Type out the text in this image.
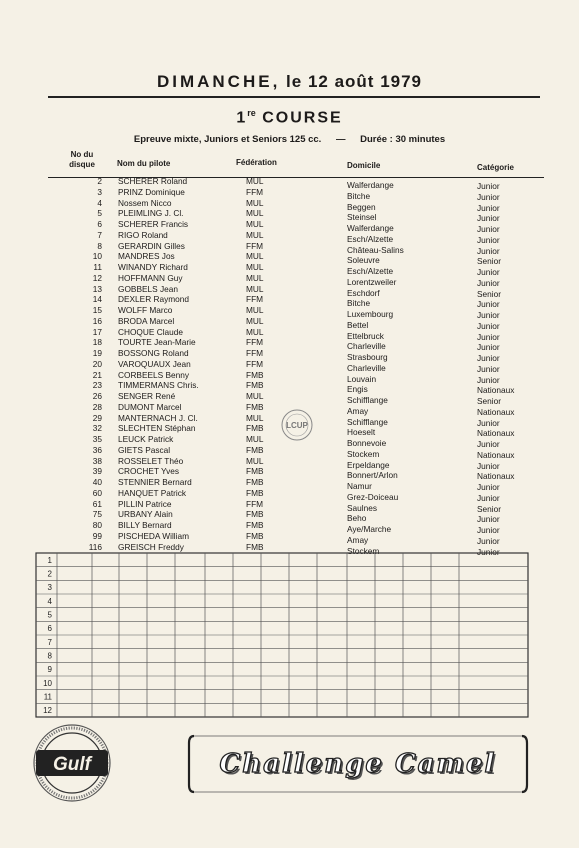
DIMANCHE, le 12 août 1979
1re COURSE
Epreuve mixte, Juniors et Seniors 125 cc. — Durée : 30 minutes
No du
disque	Nom du pilote	Fédération	Domicile	Catégorie
2 SCHERER Roland	MUL	Walferdange	Junior
3 PRINZ Dominique	FFM	Bitche	Junior
4 Nossem Nicco	MUL	Beggen	Junior
5 PLEIMLING J. Cl.	MUL	Steinsel	Junior
6 SCHERER Francis	MUL	Walferdange	Junior
7 RIGO Roland	MUL	Esch/Alzette	Junior
8 GERARDIN Gilles	FFM	Château-Salins	Junior
10 MANDRES Jos	MUL	Soleuvre	Senior
11 WINANDY Richard	MUL	Esch/Alzette	Junior
12 HOFFMANN Guy	MUL	Lorentzweiler	Junior
13 GOBBELS Jean	MUL	Eschdorf	Senior
14 DEXLER Raymond	FFM	Bitche	Junior
15 WOLFF Marco	MUL	Luxembourg	Junior
16 BRODA Marcel	MUL	Bettel	Junior
17 CHOQUE Claude	MUL	Ettelbruck	Junior
18 TOURTE Jean-Marie	FFM	Charleville	Junior
19 BOSSONG Roland	FFM	Strasbourg	Junior
20 VAROQUAUX Jean	FFM	Charleville	Junior
21 CORBEELS Benny	FMB	Louvain	Junior
23 TIMMERMANS Chris.	FMB	Engis	Nationaux
26 SENGER René	MUL	Schifflange	Senior
28 DUMONT Marcel	FMB	Amay	Nationaux
29 MANTERNACH J. Cl.	MUL	Schifflange	Junior
32 SLECHTEN Stéphan	FMB	Hoeselt	Nationaux
35 LEUCK Patrick	MUL	Bonnevoie	Junior
36 GIETS Pascal	FMB	Stockem	Nationaux
38 ROSSELET Théo	MUL	Erpeldange	Junior
39 CROCHET Yves	FMB	Bonnert/Arlon	Nationaux
40 STENNIER Bernard	FMB	Namur	Junior
60 HANQUET Patrick	FMB	Grez-Doiceau	Junior
61 PILLIN Patrice	FFM	Saulnes	Senior
75 URBANY Alain	FMB	Beho	Junior
80 BILLY Bernard	FMB	Aye/Marche	Junior
99 PISCHEDA William	FMB	Amay	Junior
116 GREISCH Freddy	FMB	Stockem	Junior
1
2
3
4
5
6
7
8
9
10
11
12
LCUP
Gulf	Challenge Camel
